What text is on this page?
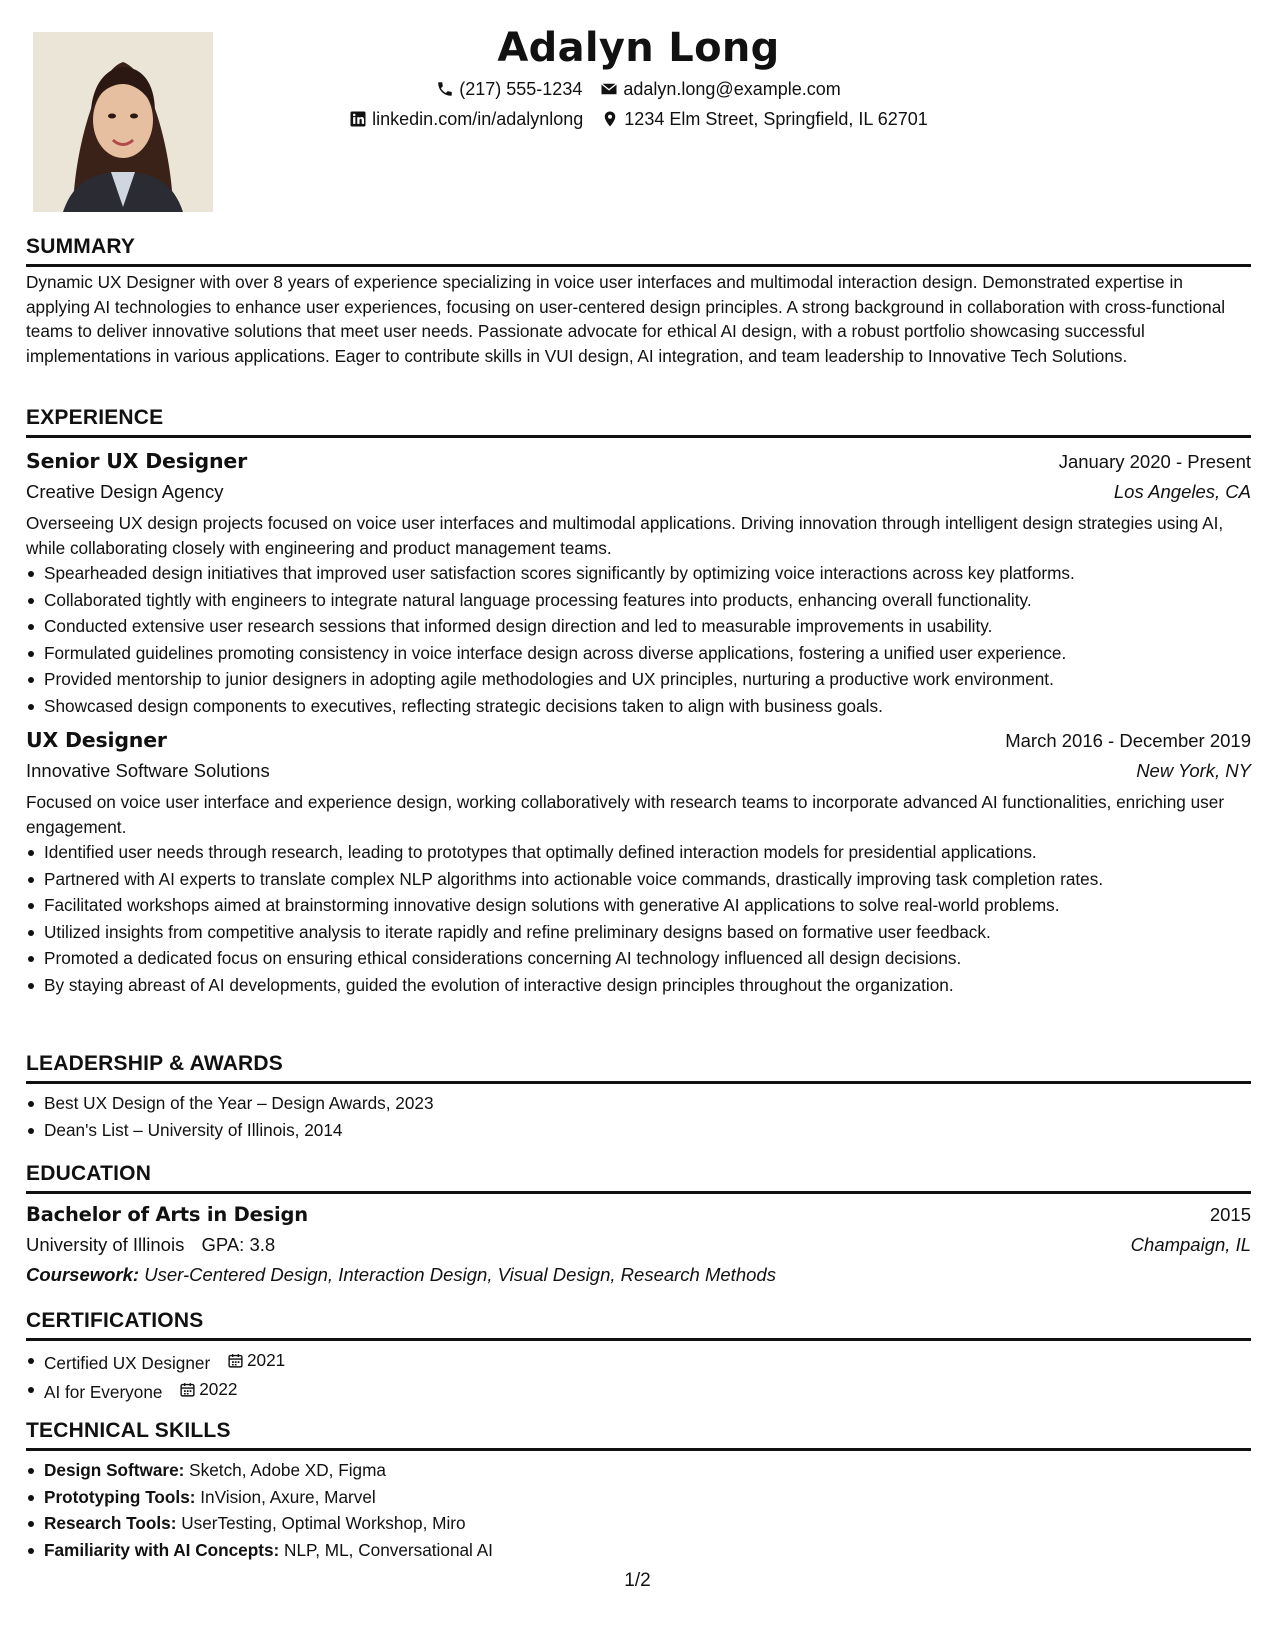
Adalyn Long
(217) 555-1234 adalyn.long@example.com
linkedin.com/in/adalynlong 1234 Elm Street, Springfield, IL 62701
SUMMARY

Dynamic UX Designer with over 8 years of experience specializing in voice user interfaces and multimodal interaction design. Demonstrated expertise in applying AI technologies to enhance user experiences, focusing on user-centered design principles. A strong background in collaboration with cross-functional teams to deliver innovative solutions that meet user needs. Passionate advocate for ethical AI design, with a robust portfolio showcasing successful implementations in various applications. Eager to contribute skills in VUI design, AI integration, and team leadership to Innovative Tech Solutions.

EXPERIENCE
Senior UX Designer	January 2020 - Present
Creative Design Agency	Los Angeles, CA

Overseeing UX design projects focused on voice user interfaces and multimodal applications. Driving innovation through intelligent design strategies using AI, while collaborating closely with engineering and product management teams.

Spearheaded design initiatives that improved user satisfaction scores significantly by optimizing voice interactions across key platforms.
Collaborated tightly with engineers to integrate natural language processing features into products, enhancing overall functionality.
Conducted extensive user research sessions that informed design direction and led to measurable improvements in usability.
Formulated guidelines promoting consistency in voice interface design across diverse applications, fostering a unified user experience.
Provided mentorship to junior designers in adopting agile methodologies and UX principles, nurturing a productive work environment.
Showcased design components to executives, reflecting strategic decisions taken to align with business goals.
UX Designer	March 2016 - December 2019
Innovative Software Solutions	New York, NY

Focused on voice user interface and experience design, working collaboratively with research teams to incorporate advanced AI functionalities, enriching user engagement.

Identified user needs through research, leading to prototypes that optimally defined interaction models for presidential applications.
Partnered with AI experts to translate complex NLP algorithms into actionable voice commands, drastically improving task completion rates.
Facilitated workshops aimed at brainstorming innovative design solutions with generative AI applications to solve real-world problems.
Utilized insights from competitive analysis to iterate rapidly and refine preliminary designs based on formative user feedback.
Promoted a dedicated focus on ensuring ethical considerations concerning AI technology influenced all design decisions.
By staying abreast of AI developments, guided the evolution of interactive design principles throughout the organization.
LEADERSHIP & AWARDS
Best UX Design of the Year – Design Awards, 2023
Dean's List – University of Illinois, 2014
EDUCATION
Bachelor of Arts in Design	2015
University of Illinois GPA: 3.8	Champaign, IL
Coursework: User-Centered Design, Interaction Design, Visual Design, Research Methods
CERTIFICATIONS
Certified UX Designer 2021
AI for Everyone 2022
TECHNICAL SKILLS
Design Software: Sketch, Adobe XD, Figma
Prototyping Tools: InVision, Axure, Marvel
Research Tools: UserTesting, Optimal Workshop, Miro
Familiarity with AI Concepts: NLP, ML, Conversational AI
1/2
